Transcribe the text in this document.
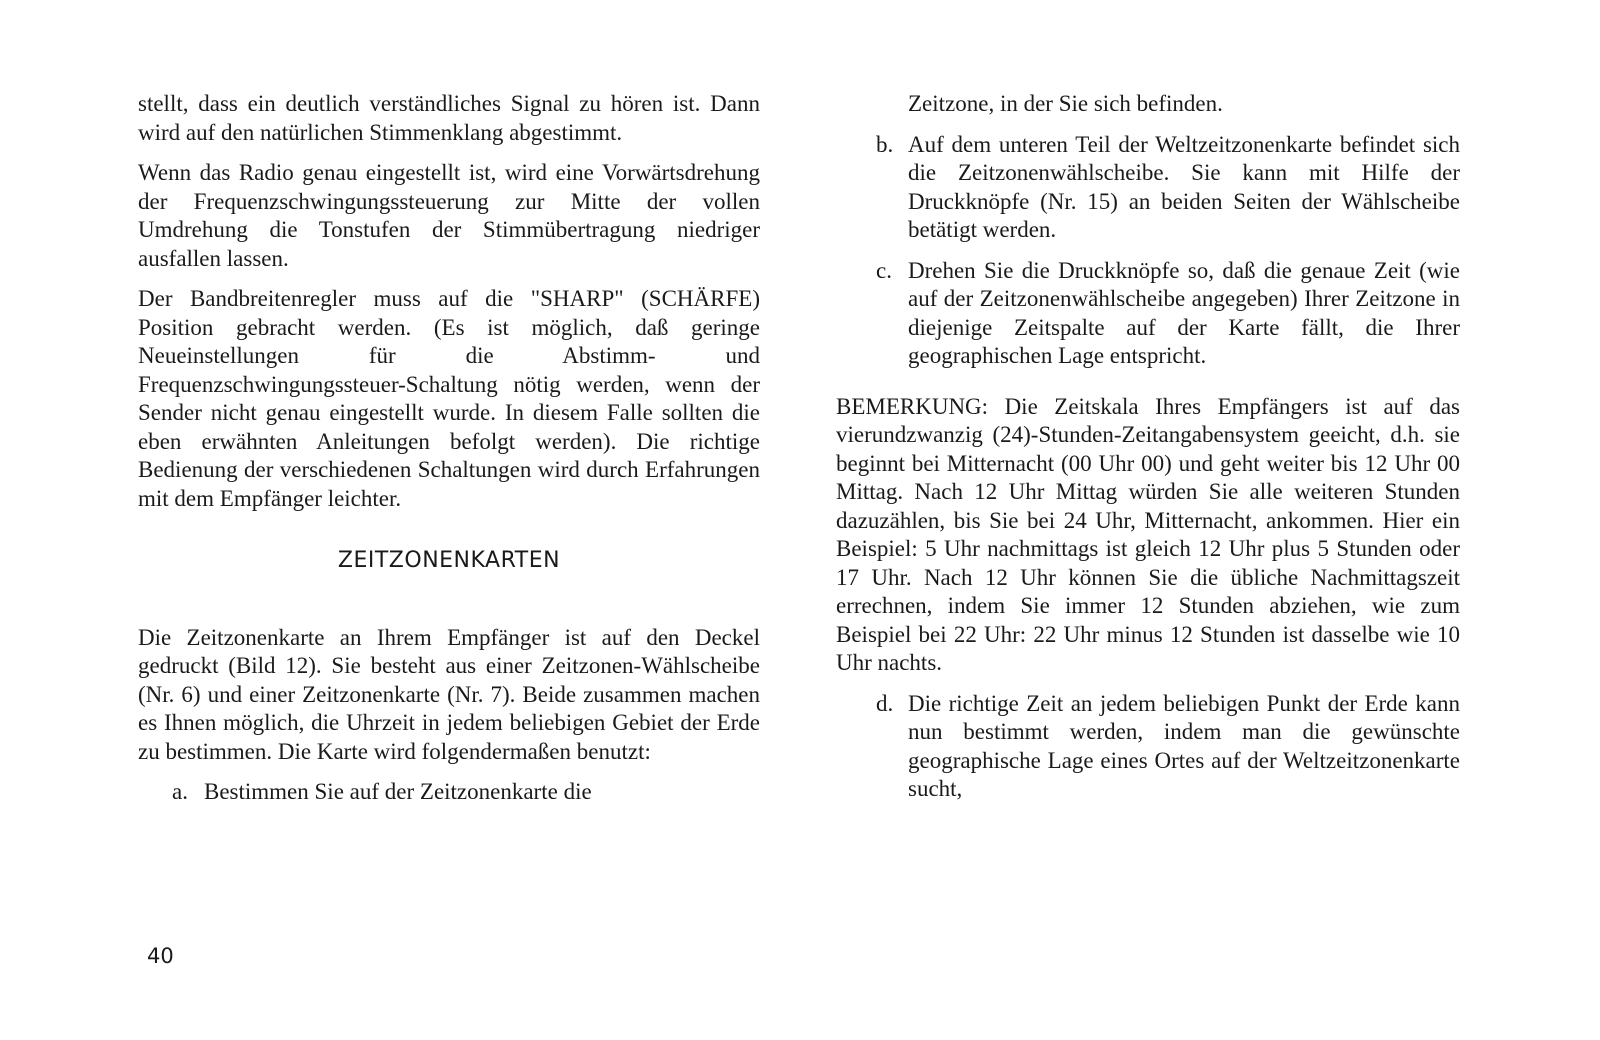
stellt, dass ein deutlich verständliches Signal zu hören ist. Dann wird auf den natürlichen Stimmenklang abgestimmt.

Wenn das Radio genau eingestellt ist, wird eine Vorwärtsdrehung der Frequenzschwingungssteuerung zur Mitte der vollen Umdrehung die Tonstufen der Stimmübertragung niedriger ausfallen lassen.

Der Bandbreitenregler muss auf die "SHARP" (SCHÄRFE) Position gebracht werden. (Es ist möglich, daß geringe Neueinstellungen für die Abstimm- und Frequenzschwingungssteuer-Schaltung nötig werden, wenn der Sender nicht genau eingestellt wurde. In diesem Falle sollten die eben erwähnten Anleitungen befolgt werden). Die richtige Bedienung der verschiedenen Schaltungen wird durch Erfahrungen mit dem Empfänger leichter.

ZEITZONENKARTEN

Die Zeitzonenkarte an Ihrem Empfänger ist auf den Deckel gedruckt (Bild 12). Sie besteht aus einer Zeitzonen-Wählscheibe (Nr. 6) und einer Zeitzonenkarte (Nr. 7). Beide zusammen machen es Ihnen möglich, die Uhrzeit in jedem beliebigen Gebiet der Erde zu bestimmen. Die Karte wird folgendermaßen benutzt:

a. Bestimmen Sie auf der Zeitzonenkarte die

Zeitzone, in der Sie sich befinden.

b. Auf dem unteren Teil der Weltzeitzonenkarte befindet sich die Zeitzonenwählscheibe. Sie kann mit Hilfe der Druckknöpfe (Nr. 15) an beiden Seiten der Wählscheibe betätigt werden.
c. Drehen Sie die Druckknöpfe so, daß die genaue Zeit (wie auf der Zeitzonenwählscheibe angegeben) Ihrer Zeitzone in diejenige Zeitspalte auf der Karte fällt, die Ihrer geographischen Lage entspricht.

BEMERKUNG: Die Zeitskala Ihres Empfängers ist auf das vierundzwanzig (24)-Stunden-Zeitangabensystem geeicht, d.h. sie beginnt bei Mitternacht (00 Uhr 00) und geht weiter bis 12 Uhr 00 Mittag. Nach 12 Uhr Mittag würden Sie alle weiteren Stunden dazuzählen, bis Sie bei 24 Uhr, Mitternacht, ankommen. Hier ein Beispiel: 5 Uhr nachmittags ist gleich 12 Uhr plus 5 Stunden oder 17 Uhr. Nach 12 Uhr können Sie die übliche Nachmittagszeit errechnen, indem Sie immer 12 Stunden abziehen, wie zum Beispiel bei 22 Uhr: 22 Uhr minus 12 Stunden ist dasselbe wie 10 Uhr nachts.

d. Die richtige Zeit an jedem beliebigen Punkt der Erde kann nun bestimmt werden, indem man die gewünschte geographische Lage eines Ortes auf der Weltzeitzonenkarte sucht,
40
